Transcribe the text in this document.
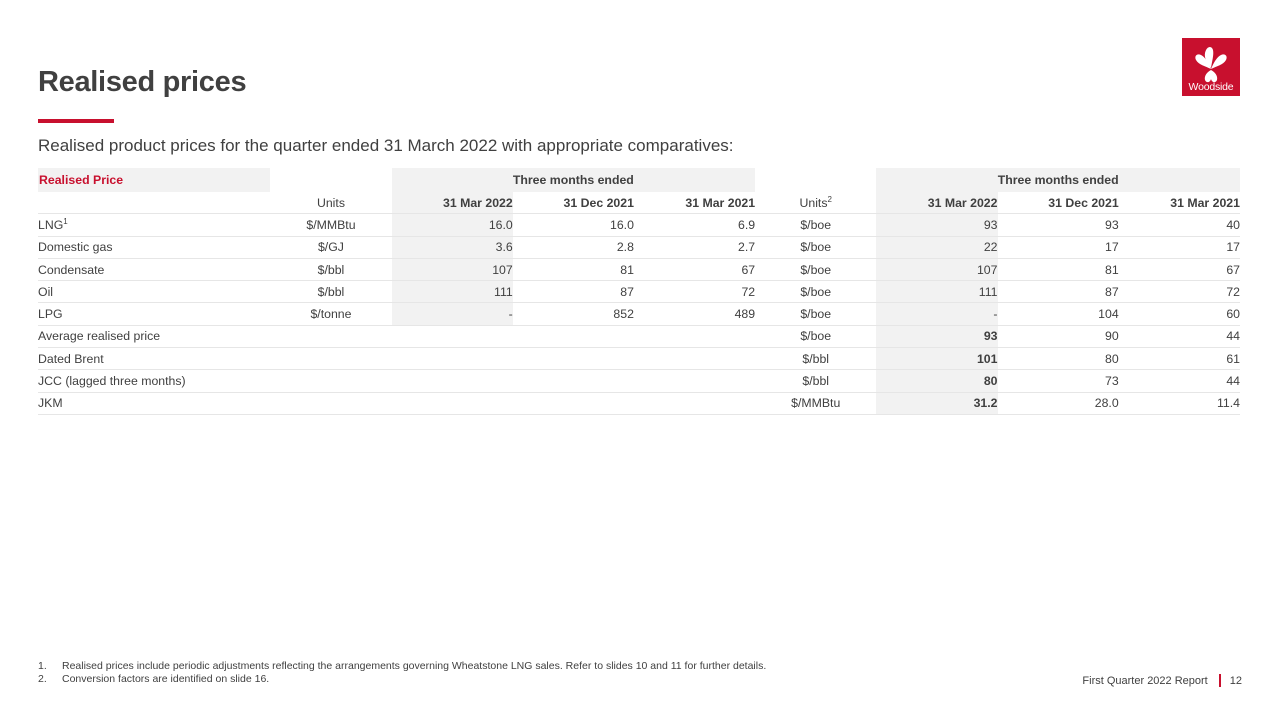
Realised prices
Realised product prices for the quarter ended 31 March 2022 with appropriate comparatives:
Woodside
Realised Price		Three months ended				Three months ended		
	Units	31 Mar 2022	31 Dec 2021	31 Mar 2021	Units$^2$	31 Mar 2022	31 Dec 2021	31 Mar 2021
LNG$^1$	$/MMBtu	16.0	16.0	6.9	$/boe	93	93	40
Domestic gas	$/GJ	3.6	2.8	2.7	$/boe	22	17	17
Condensate	$/bbl	107	81	67	$/boe	107	81	67
Oil	$/bbl	111	87	72	$/boe	111	87	72
LPG	$/tonne	-	852	489	$/boe	-	104	60
Average realised price					$/boe	93	90	44
Dated Brent					$/bbl	101	80	61
JCC (lagged three months)					$/bbl	80	73	44
JKM					$/MMBtu	31.2	28.0	11.4
1.	Realised prices include periodic adjustments reflecting the arrangements governing Wheatstone LNG sales. Refer to slides 10 and 11 for further details.
2.	Conversion factors are identified on slide 16.	First Quarter 2022 Report 12
